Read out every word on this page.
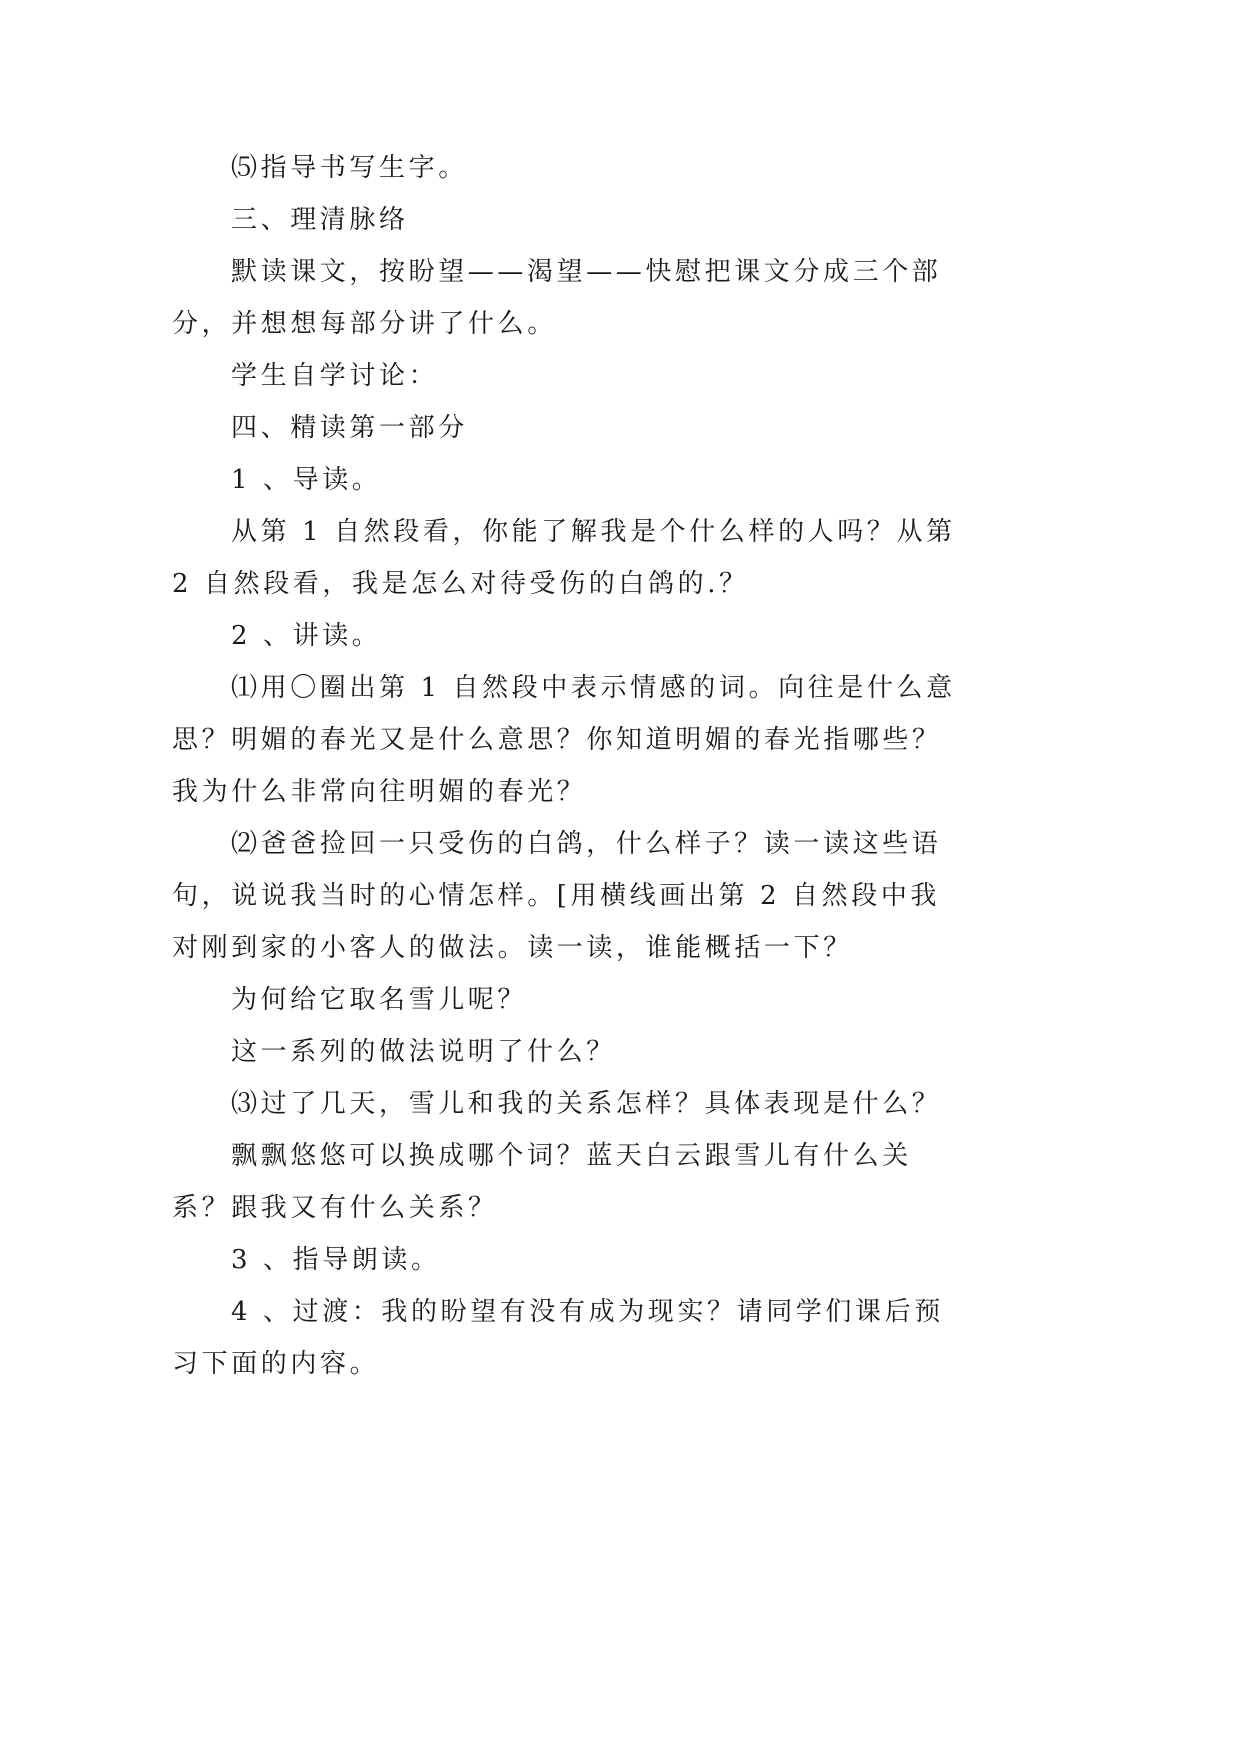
⑸指导书写生字。
三、理清脉络
默读课文，按盼望——渴望——快慰把课文分成三个部
分，并想想每部分讲了什么。
学生自学讨论：
四、精读第一部分
1 、导读。
从第 1 自然段看，你能了解我是个什么样的人吗？从第
2 自然段看，我是怎么对待受伤的白鸽的.？
2 、讲读。
⑴用〇圈出第 1 自然段中表示情感的词。向往是什么意
思？明媚的春光又是什么意思？你知道明媚的春光指哪些？
我为什么非常向往明媚的春光？
⑵爸爸捡回一只受伤的白鸽，什么样子？读一读这些语
句，说说我当时的心情怎样。[用横线画出第 2 自然段中我
对刚到家的小客人的做法。读一读，谁能概括一下？
为何给它取名雪儿呢？
这一系列的做法说明了什么？
⑶过了几天，雪儿和我的关系怎样？具体表现是什么？
飘飘悠悠可以换成哪个词？蓝天白云跟雪儿有什么关
系？跟我又有什么关系？
3 、指导朗读。
4 、过渡：我的盼望有没有成为现实？请同学们课后预
习下面的内容。
